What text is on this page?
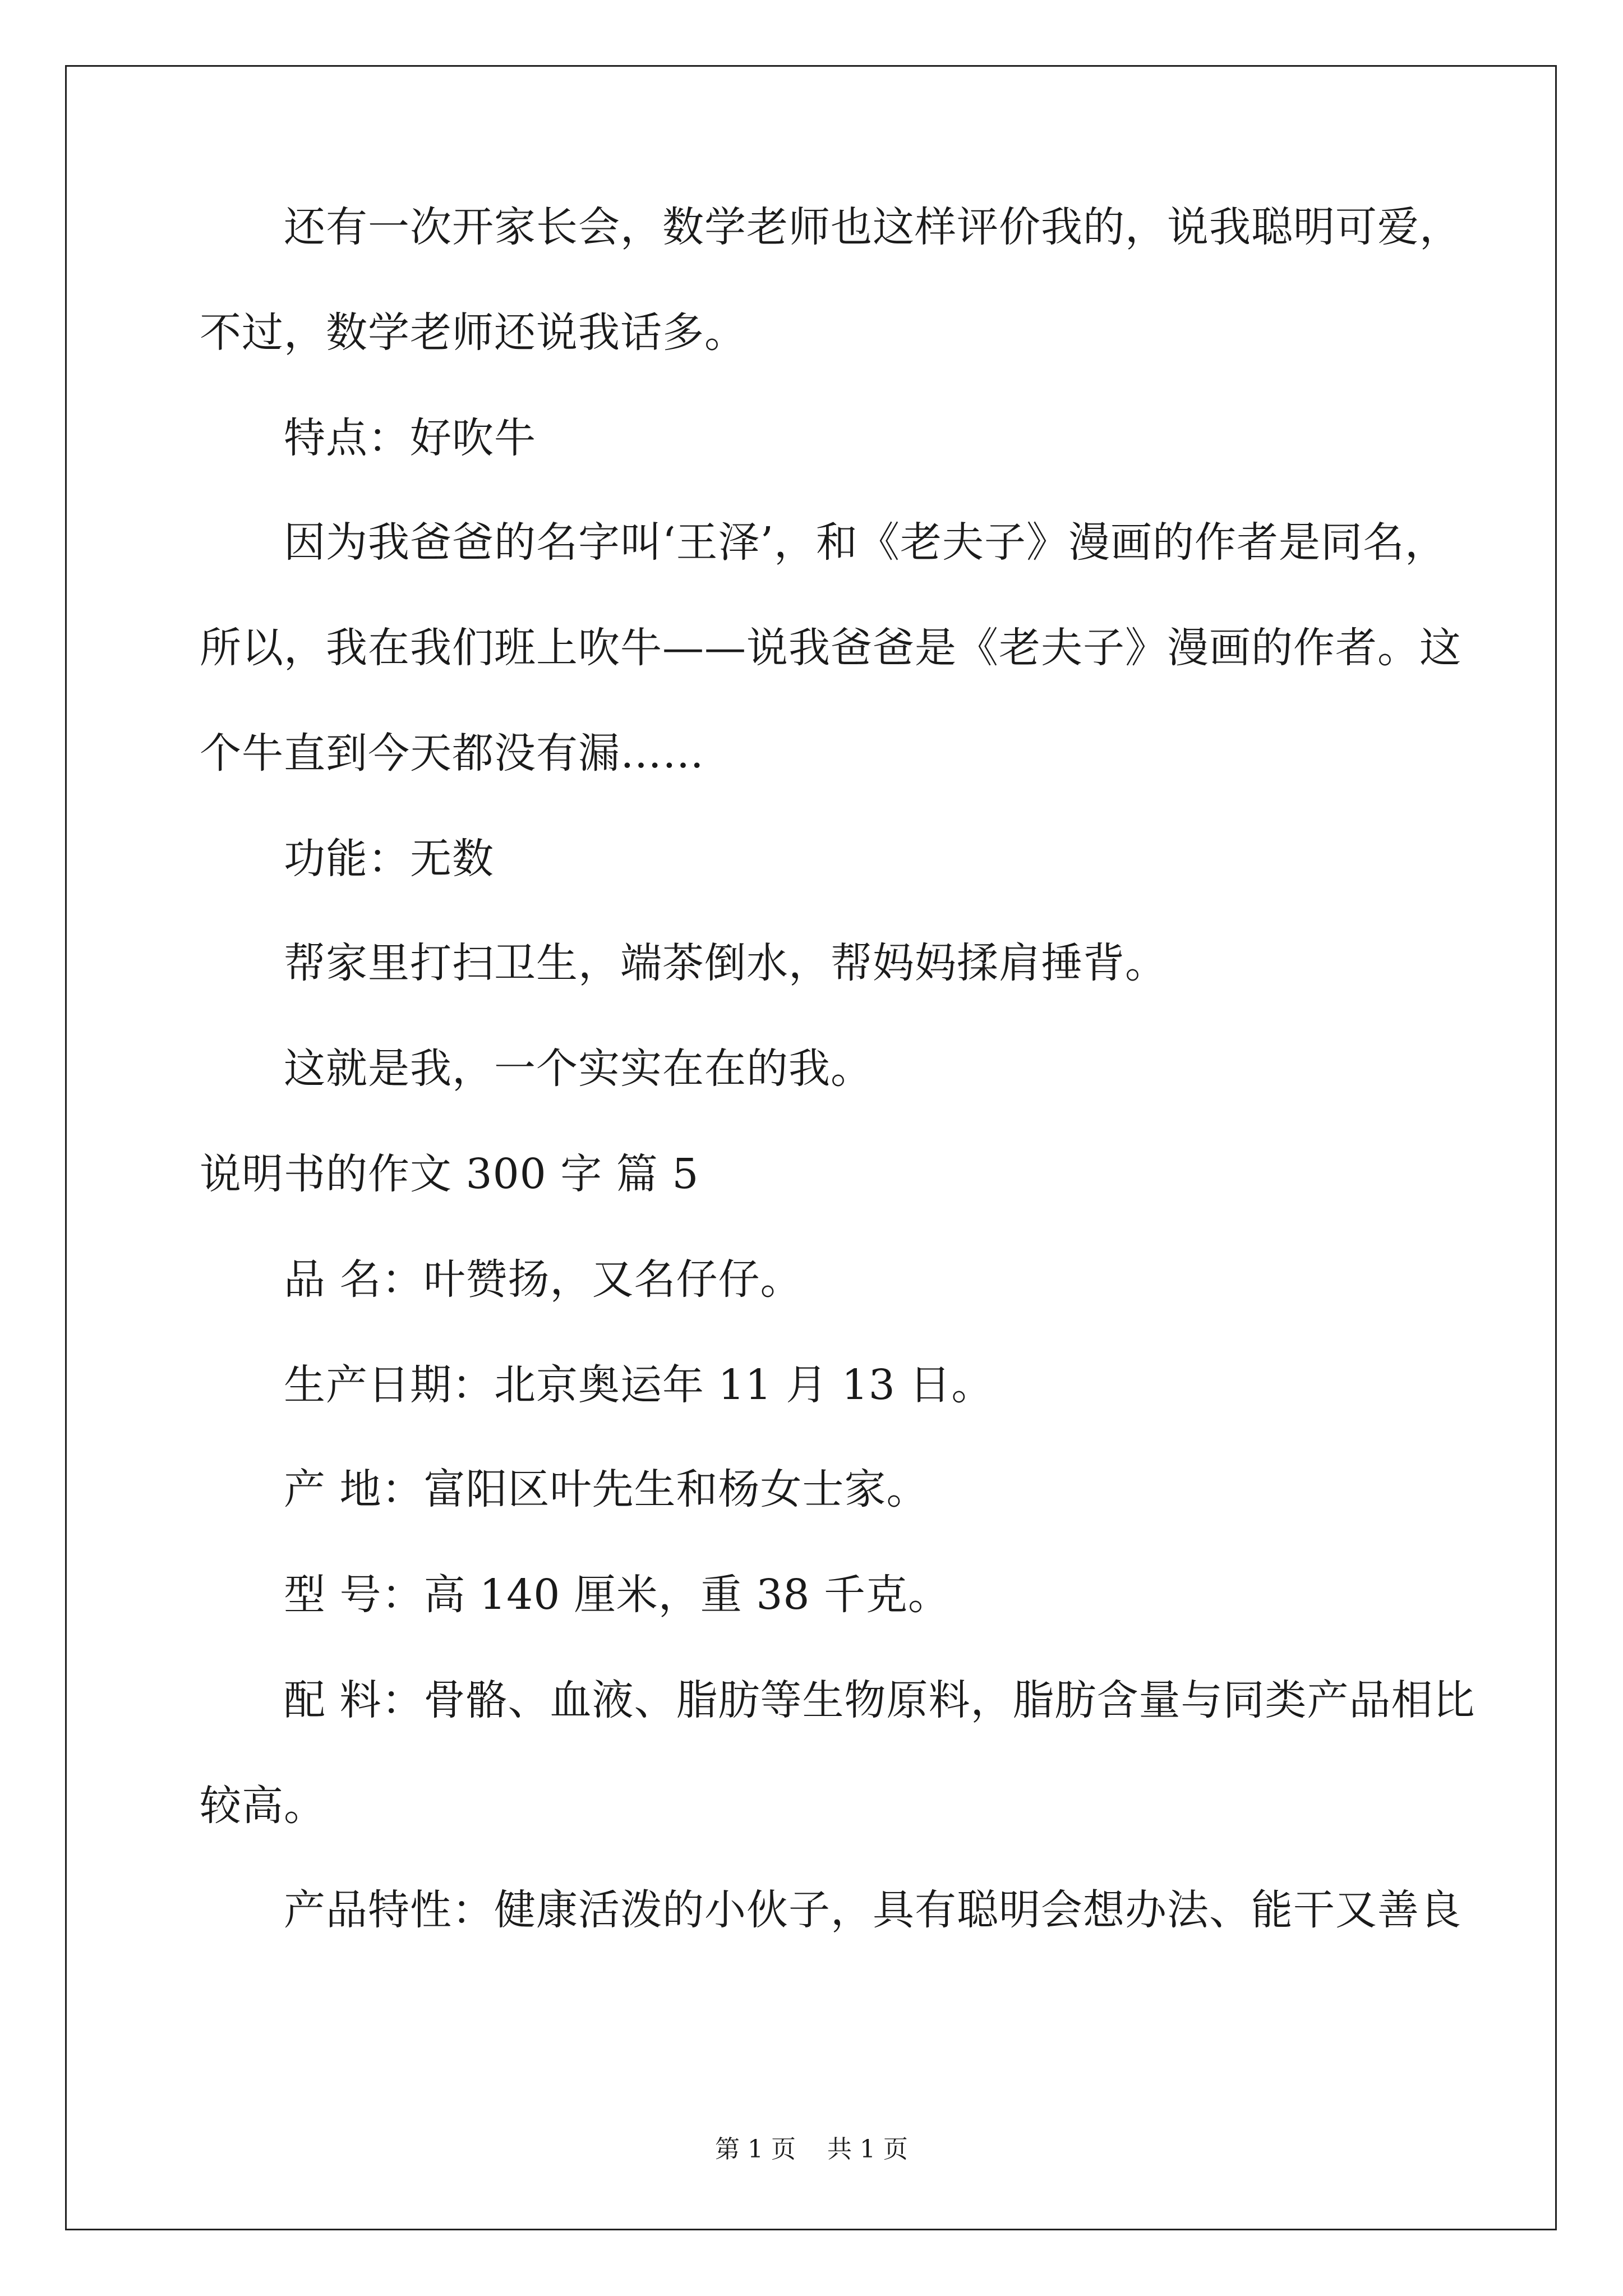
　　还有一次开家长会，数学老师也这样评价我的，说我聪明可爱，
不过，数学老师还说我话多。
　　特点：好吹牛
　　因为我爸爸的名字叫‘王泽’，和《老夫子》漫画的作者是同名，
所以，我在我们班上吹牛——说我爸爸是《老夫子》漫画的作者。这
个牛直到今天都没有漏……
　　功能：无数
　　帮家里打扫卫生，端茶倒水，帮妈妈揉肩捶背。
　　这就是我，一个实实在在的我。
说明书的作文 300 字 篇 5
　　品 名：叶赞扬，又名仔仔。
　　生产日期：北京奥运年 11 月 13 日。
　　产 地：富阳区叶先生和杨女士家。
　　型 号：高 140 厘米，重 38 千克。
　　配 料：骨骼、血液、脂肪等生物原料，脂肪含量与同类产品相比
较高。
　　产品特性：健康活泼的小伙子，具有聪明会想办法、能干又善良
第 1 页    共 1 页
